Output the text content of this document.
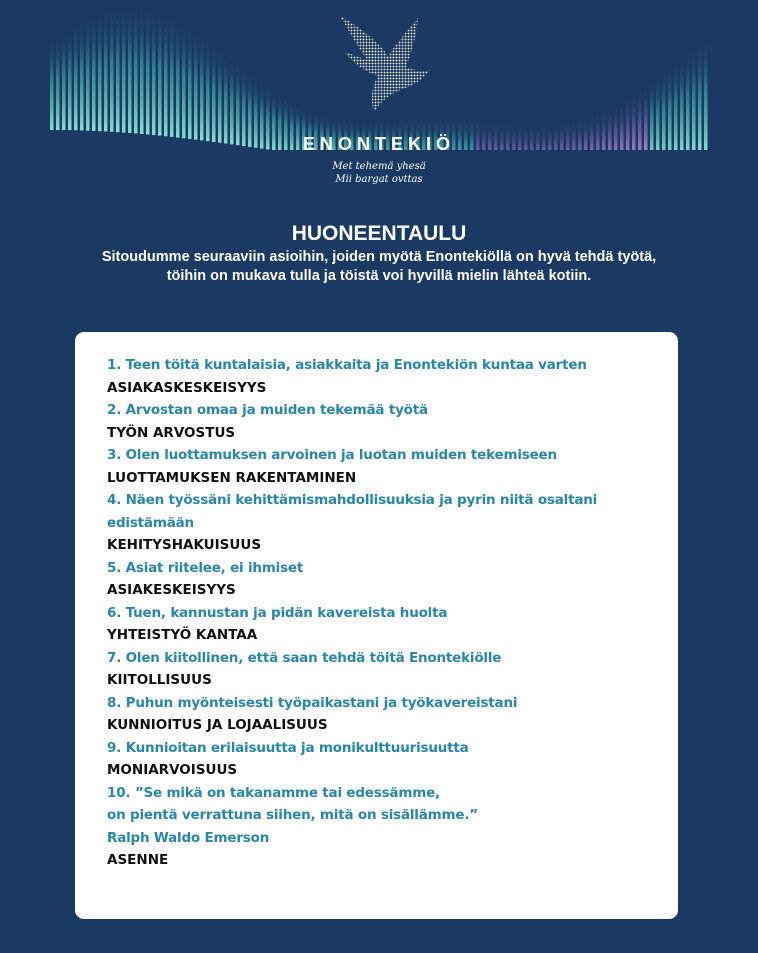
ENONTEKIÖ
Met tehemä yhesä
Mii bargat ovttas
HUONEENTAULU
Sitoudumme seuraaviin asioihin, joiden myötä Enontekiöllä on hyvä tehdä työtä, töihin on mukava tulla ja töistä voi hyvillä mielin lähteä kotiin.
1. Teen töitä kuntalaisia, asiakkaita ja Enontekiön kuntaa varten
ASIAKASKESKEISYYS
2. Arvostan omaa ja muiden tekemää työtä
TYÖN ARVOSTUS
3. Olen luottamuksen arvoinen ja luotan muiden tekemiseen
LUOTTAMUKSEN RAKENTAMINEN
4. Näen työssäni kehittämismahdollisuuksia ja pyrin niitä osaltani edistämään
KEHITYSHAKUISUUS
5. Asiat riitelee, ei ihmiset
ASIAKESKEISYYS
6. Tuen, kannustan ja pidän kavereista huolta
YHTEISTYÖ KANTAA
7. Olen kiitollinen, että saan tehdä töitä Enontekiölle
KIITOLLISUUS
8. Puhun myönteisesti työpaikastani ja työkavereistani
KUNNIOITUS JA LOJAALISUUS
9. Kunnioitan erilaisuutta ja monikulttuurisuutta
MONIARVOISUUS
10. ”Se mikä on takanamme tai edessämme,
on pientä verrattuna siihen, mitä on sisällämme.”
Ralph Waldo Emerson
ASENNE
